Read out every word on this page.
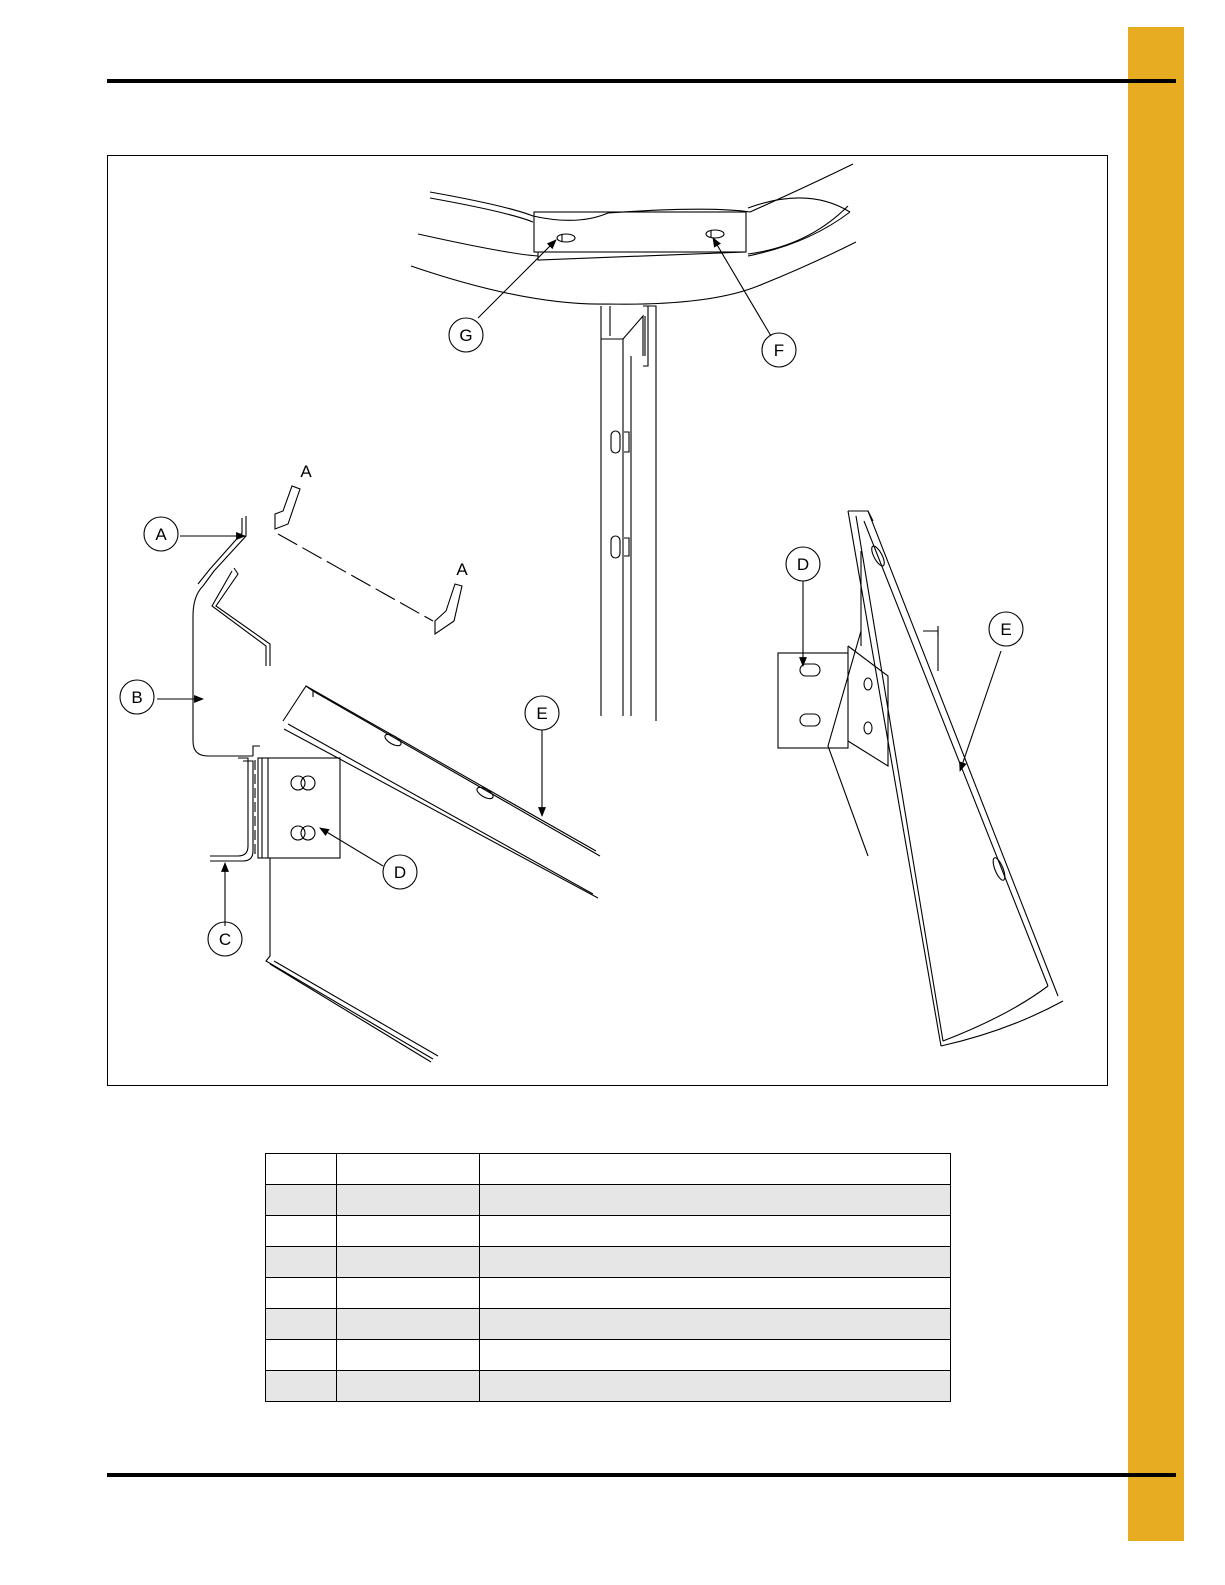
G
F
A
B
D
C
E
D
E
A
A
